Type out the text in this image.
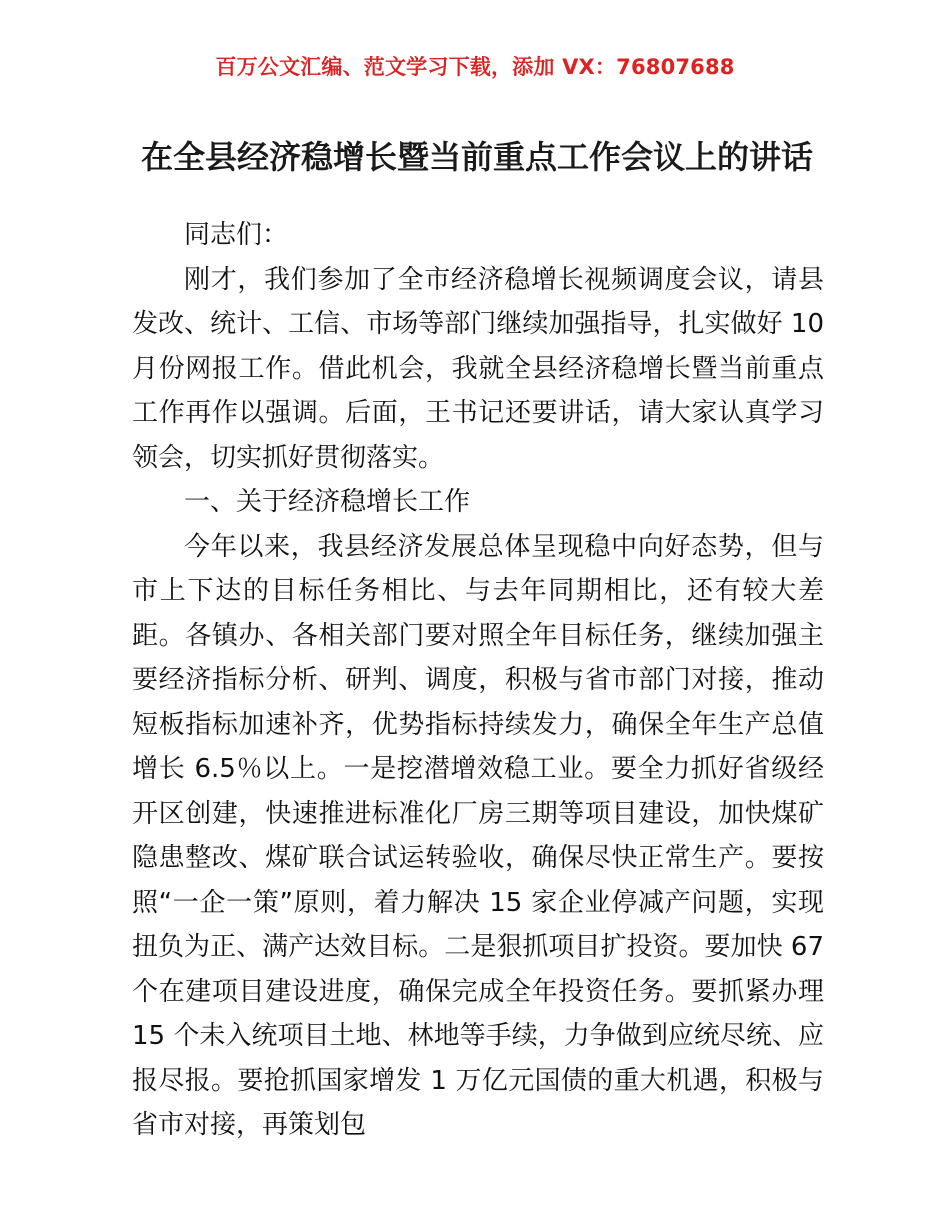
百万公文汇编、范文学习下载，添加 VX：76807688
在全县经济稳增长暨当前重点工作会议上的讲话

同志们：

刚才，我们参加了全市经济稳增长视频调度会议，请县发改、统计、工信、市场等部门继续加强指导，扎实做好 10 月份网报工作。借此机会，我就全县经济稳增长暨当前重点工作再作以强调。后面，王书记还要讲话，请大家认真学习领会，切实抓好贯彻落实。

一、关于经济稳增长工作

今年以来，我县经济发展总体呈现稳中向好态势，但与市上下达的目标任务相比、与去年同期相比，还有较大差距。各镇办、各相关部门要对照全年目标任务，继续加强主要经济指标分析、研判、调度，积极与省市部门对接，推动短板指标加速补齐，优势指标持续发力，确保全年生产总值增长 6.5％以上。一是挖潜增效稳工业。要全力抓好省级经开区创建，快速推进标准化厂房三期等项目建设，加快煤矿隐患整改、煤矿联合试运转验收，确保尽快正常生产。要按照“一企一策”原则，着力解决 15 家企业停减产问题，实现扭负为正、满产达效目标。二是狠抓项目扩投资。要加快 67 个在建项目建设进度，确保完成全年投资任务。要抓紧办理 15 个未入统项目土地、林地等手续，力争做到应统尽统、应报尽报。要抢抓国家增发 1 万亿元国债的重大机遇，积极与省市对接，再策划包
